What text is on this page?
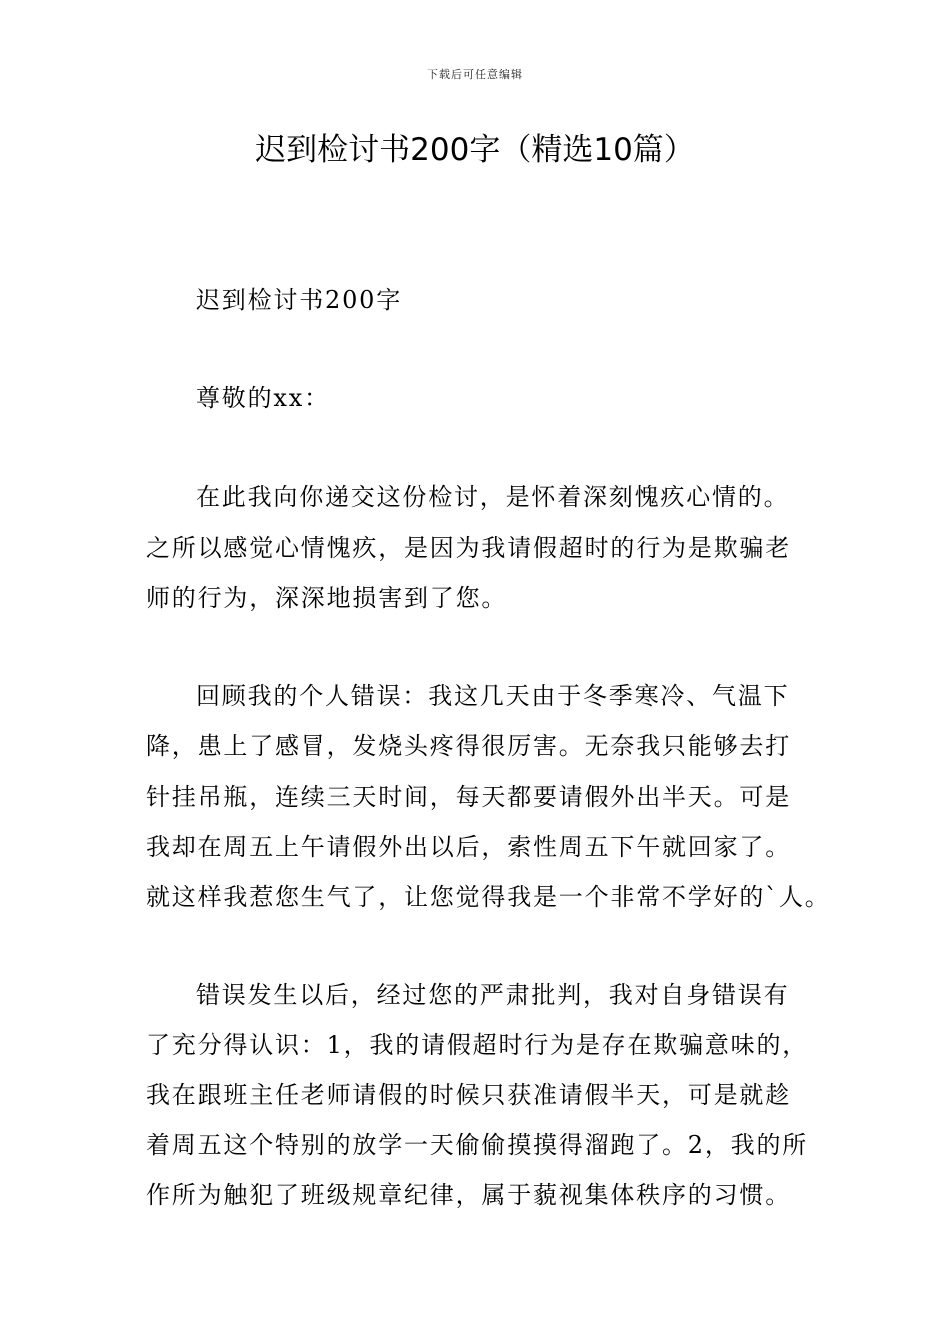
下载后可任意编辑
迟到检讨书200字（精选10篇）
迟到检讨书200字
尊敬的xx：
在此我向你递交这份检讨，是怀着深刻愧疚心情的。
之所以感觉心情愧疚，是因为我请假超时的行为是欺骗老
师的行为，深深地损害到了您。
回顾我的个人错误：我这几天由于冬季寒冷、气温下
降，患上了感冒，发烧头疼得很厉害。无奈我只能够去打
针挂吊瓶，连续三天时间，每天都要请假外出半天。可是
我却在周五上午请假外出以后，索性周五下午就回家了。
就这样我惹您生气了，让您觉得我是一个非常不学好的`人。
错误发生以后，经过您的严肃批判，我对自身错误有
了充分得认识：1，我的请假超时行为是存在欺骗意味的，
我在跟班主任老师请假的时候只获准请假半天，可是就趁
着周五这个特别的放学一天偷偷摸摸得溜跑了。2，我的所
作所为触犯了班级规章纪律，属于藐视集体秩序的习惯。
